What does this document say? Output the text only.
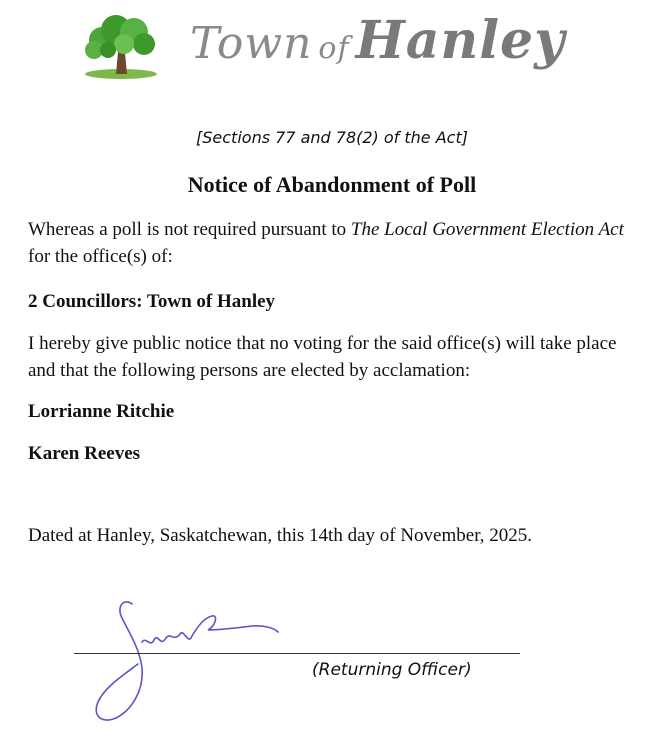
Town of Hanley
[Sections 77 and 78(2) of the Act]
Notice of Abandonment of Poll
Whereas a poll is not required pursuant to The Local Government Election Act for the office(s) of:
2 Councillors: Town of Hanley
I hereby give public notice that no voting for the said office(s) will take place and that the following persons are elected by acclamation:
Lorrianne Ritchie
Karen Reeves
Dated at Hanley, Saskatchewan, this 14th day of November, 2025.
(Returning Officer)
